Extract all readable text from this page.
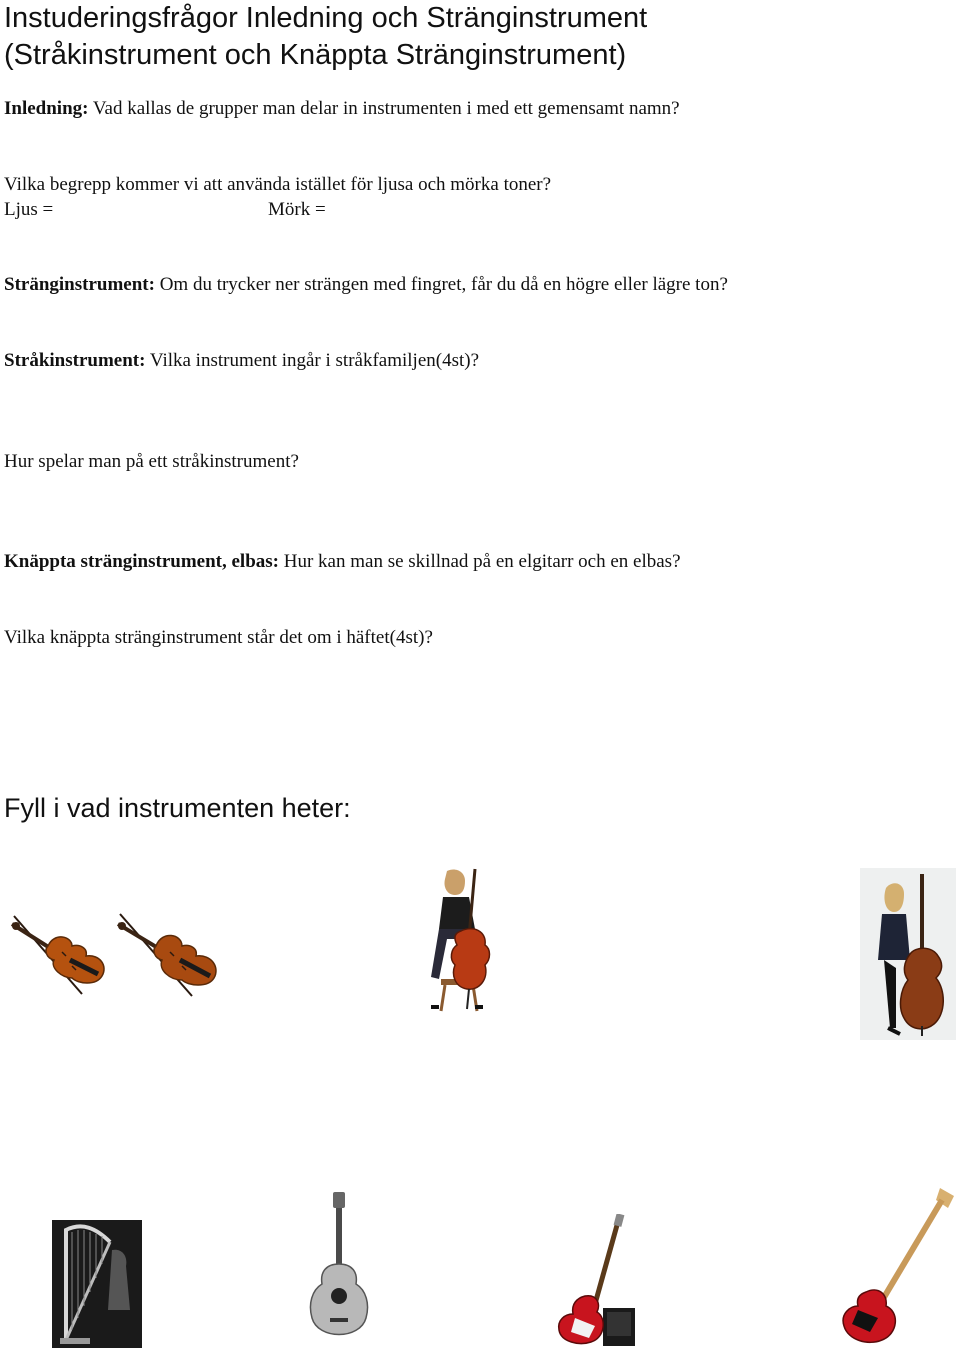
Instuderingsfrågor Inledning och Stränginstrument
(Stråkinstrument och Knäppta Stränginstrument)
Inledning: Vad kallas de grupper man delar in instrumenten i med ett gemensamt namn?
Vilka begrepp kommer vi att använda istället för ljusa och mörka toner?
Ljus =	Mörk =
Stränginstrument: Om du trycker ner strängen med fingret, får du då en högre eller lägre ton?
Stråkinstrument: Vilka instrument ingår i stråkfamiljen(4st)?
Hur spelar man på ett stråkinstrument?
Knäppta stränginstrument, elbas: Hur kan man se skillnad på en elgitarr och en elbas?
Vilka knäppta stränginstrument står det om i häftet(4st)?
Fyll i vad instrumenten heter:
